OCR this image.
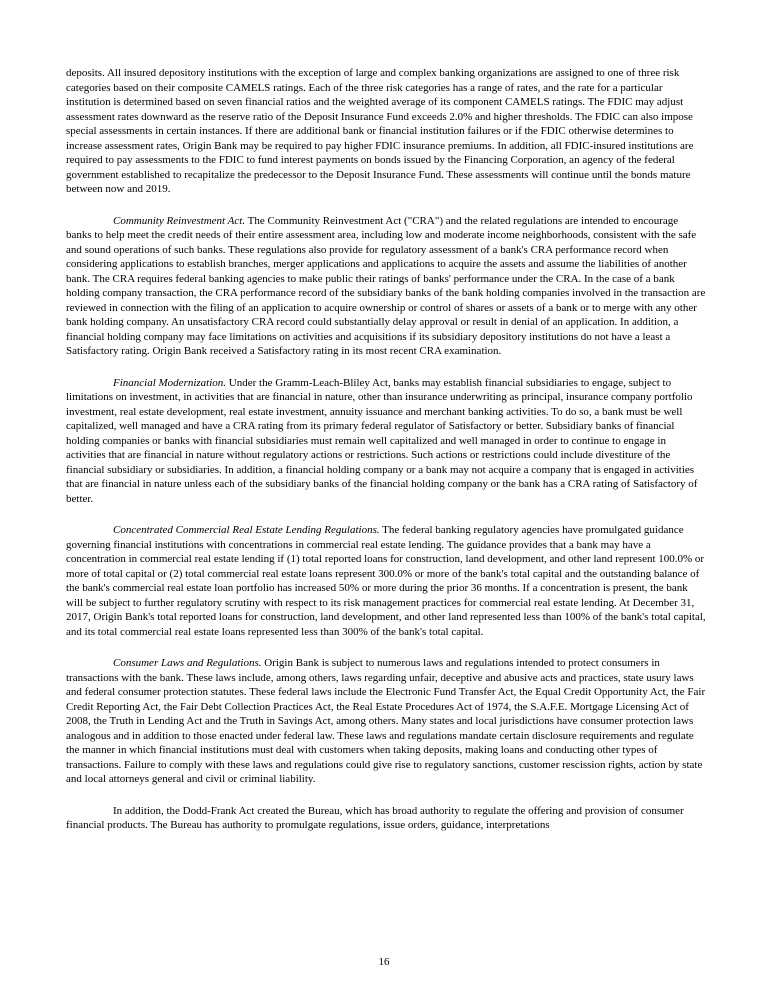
deposits. All insured depository institutions with the exception of large and complex banking organizations are assigned to one of three risk categories based on their composite CAMELS ratings. Each of the three risk categories has a range of rates, and the rate for a particular institution is determined based on seven financial ratios and the weighted average of its component CAMELS ratings. The FDIC may adjust assessment rates downward as the reserve ratio of the Deposit Insurance Fund exceeds 2.0% and higher thresholds. The FDIC can also impose special assessments in certain instances. If there are additional bank or financial institution failures or if the FDIC otherwise determines to increase assessment rates, Origin Bank may be required to pay higher FDIC insurance premiums. In addition, all FDIC-insured institutions are required to pay assessments to the FDIC to fund interest payments on bonds issued by the Financing Corporation, an agency of the federal government established to recapitalize the predecessor to the Deposit Insurance Fund. These assessments will continue until the bonds mature between now and 2019.

Community Reinvestment Act. The Community Reinvestment Act ("CRA") and the related regulations are intended to encourage banks to help meet the credit needs of their entire assessment area, including low and moderate income neighborhoods, consistent with the safe and sound operations of such banks. These regulations also provide for regulatory assessment of a bank's CRA performance record when considering applications to establish branches, merger applications and applications to acquire the assets and assume the liabilities of another bank. The CRA requires federal banking agencies to make public their ratings of banks' performance under the CRA. In the case of a bank holding company transaction, the CRA performance record of the subsidiary banks of the bank holding companies involved in the transaction are reviewed in connection with the filing of an application to acquire ownership or control of shares or assets of a bank or to merge with any other bank holding company. An unsatisfactory CRA record could substantially delay approval or result in denial of an application. In addition, a financial holding company may face limitations on activities and acquisitions if its subsidiary depository institutions do not have a least a Satisfactory rating. Origin Bank received a Satisfactory rating in its most recent CRA examination.

Financial Modernization. Under the Gramm-Leach-Bliley Act, banks may establish financial subsidiaries to engage, subject to limitations on investment, in activities that are financial in nature, other than insurance underwriting as principal, insurance company portfolio investment, real estate development, real estate investment, annuity issuance and merchant banking activities. To do so, a bank must be well capitalized, well managed and have a CRA rating from its primary federal regulator of Satisfactory or better. Subsidiary banks of financial holding companies or banks with financial subsidiaries must remain well capitalized and well managed in order to continue to engage in activities that are financial in nature without regulatory actions or restrictions. Such actions or restrictions could include divestiture of the financial subsidiary or subsidiaries. In addition, a financial holding company or a bank may not acquire a company that is engaged in activities that are financial in nature unless each of the subsidiary banks of the financial holding company or the bank has a CRA rating of Satisfactory of better.

Concentrated Commercial Real Estate Lending Regulations. The federal banking regulatory agencies have promulgated guidance governing financial institutions with concentrations in commercial real estate lending. The guidance provides that a bank may have a concentration in commercial real estate lending if (1) total reported loans for construction, land development, and other land represent 100.0% or more of total capital or (2) total commercial real estate loans represent 300.0% or more of the bank's total capital and the outstanding balance of the bank's commercial real estate loan portfolio has increased 50% or more during the prior 36 months. If a concentration is present, the bank will be subject to further regulatory scrutiny with respect to its risk management practices for commercial real estate lending. At December 31, 2017, Origin Bank's total reported loans for construction, land development, and other land represented less than 100% of the bank's total capital, and its total commercial real estate loans represented less than 300% of the bank's total capital.

Consumer Laws and Regulations. Origin Bank is subject to numerous laws and regulations intended to protect consumers in transactions with the bank. These laws include, among others, laws regarding unfair, deceptive and abusive acts and practices, state usury laws and federal consumer protection statutes. These federal laws include the Electronic Fund Transfer Act, the Equal Credit Opportunity Act, the Fair Credit Reporting Act, the Fair Debt Collection Practices Act, the Real Estate Procedures Act of 1974, the S.A.F.E. Mortgage Licensing Act of 2008, the Truth in Lending Act and the Truth in Savings Act, among others. Many states and local jurisdictions have consumer protection laws analogous and in addition to those enacted under federal law. These laws and regulations mandate certain disclosure requirements and regulate the manner in which financial institutions must deal with customers when taking deposits, making loans and conducting other types of transactions. Failure to comply with these laws and regulations could give rise to regulatory sanctions, customer rescission rights, action by state and local attorneys general and civil or criminal liability.

In addition, the Dodd-Frank Act created the Bureau, which has broad authority to regulate the offering and provision of consumer financial products. The Bureau has authority to promulgate regulations, issue orders, guidance, interpretations

16
